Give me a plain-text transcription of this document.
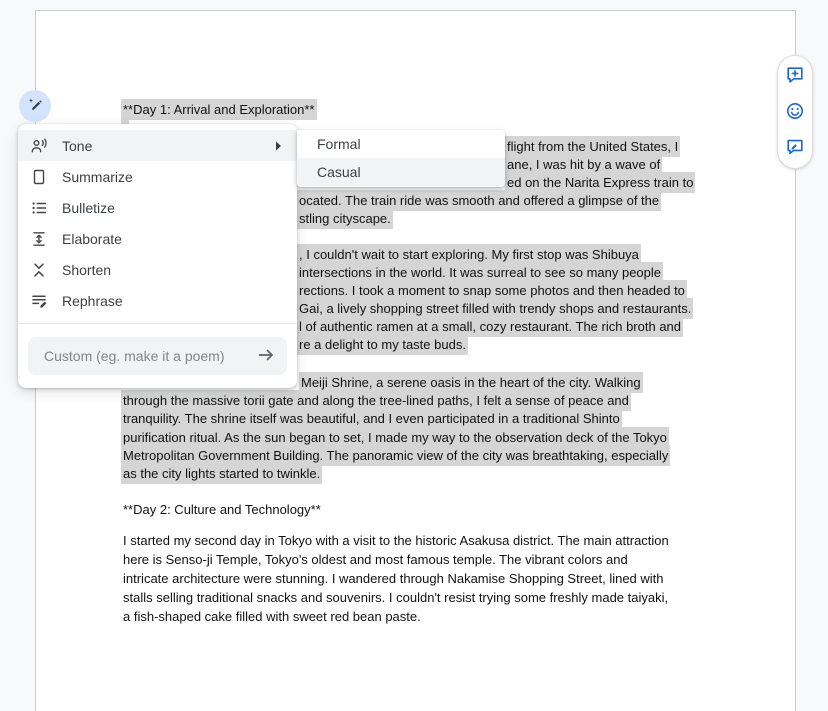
**Day 1: Arrival and Exploration**
flight from the United States, I
ane, I was hit by a wave of
ed on the Narita Express train to
ocated. The train ride was smooth and offered a glimpse of the
stling cityscape.
, I couldn't wait to start exploring. My first stop was Shibuya
intersections in the world. It was surreal to see so many people
rections. I took a moment to snap some photos and then headed to
Gai, a lively shopping street filled with trendy shops and restaurants.
l of authentic ramen at a small, cozy restaurant. The rich broth and
re a delight to my taste buds.
Meiji Shrine, a serene oasis in the heart of the city. Walking
through the massive torii gate and along the tree-lined paths, I felt a sense of peace and
tranquility. The shrine itself was beautiful, and I even participated in a traditional Shinto
purification ritual. As the sun began to set, I made my way to the observation deck of the Tokyo
Metropolitan Government Building. The panoramic view of the city was breathtaking, especially
as the city lights started to twinkle.
**Day 2: Culture and Technology**
I started my second day in Tokyo with a visit to the historic Asakusa district. The main attraction
here is Senso-ji Temple, Tokyo's oldest and most famous temple. The vibrant colors and
intricate architecture were stunning. I wandered through Nakamise Shopping Street, lined with
stalls selling traditional snacks and souvenirs. I couldn't resist trying some freshly made taiyaki,
a fish-shaped cake filled with sweet red bean paste.
Tone
Summarize
Bulletize
Elaborate
Shorten
Rephrase
Custom (eg. make it a poem)
Formal
Casual
